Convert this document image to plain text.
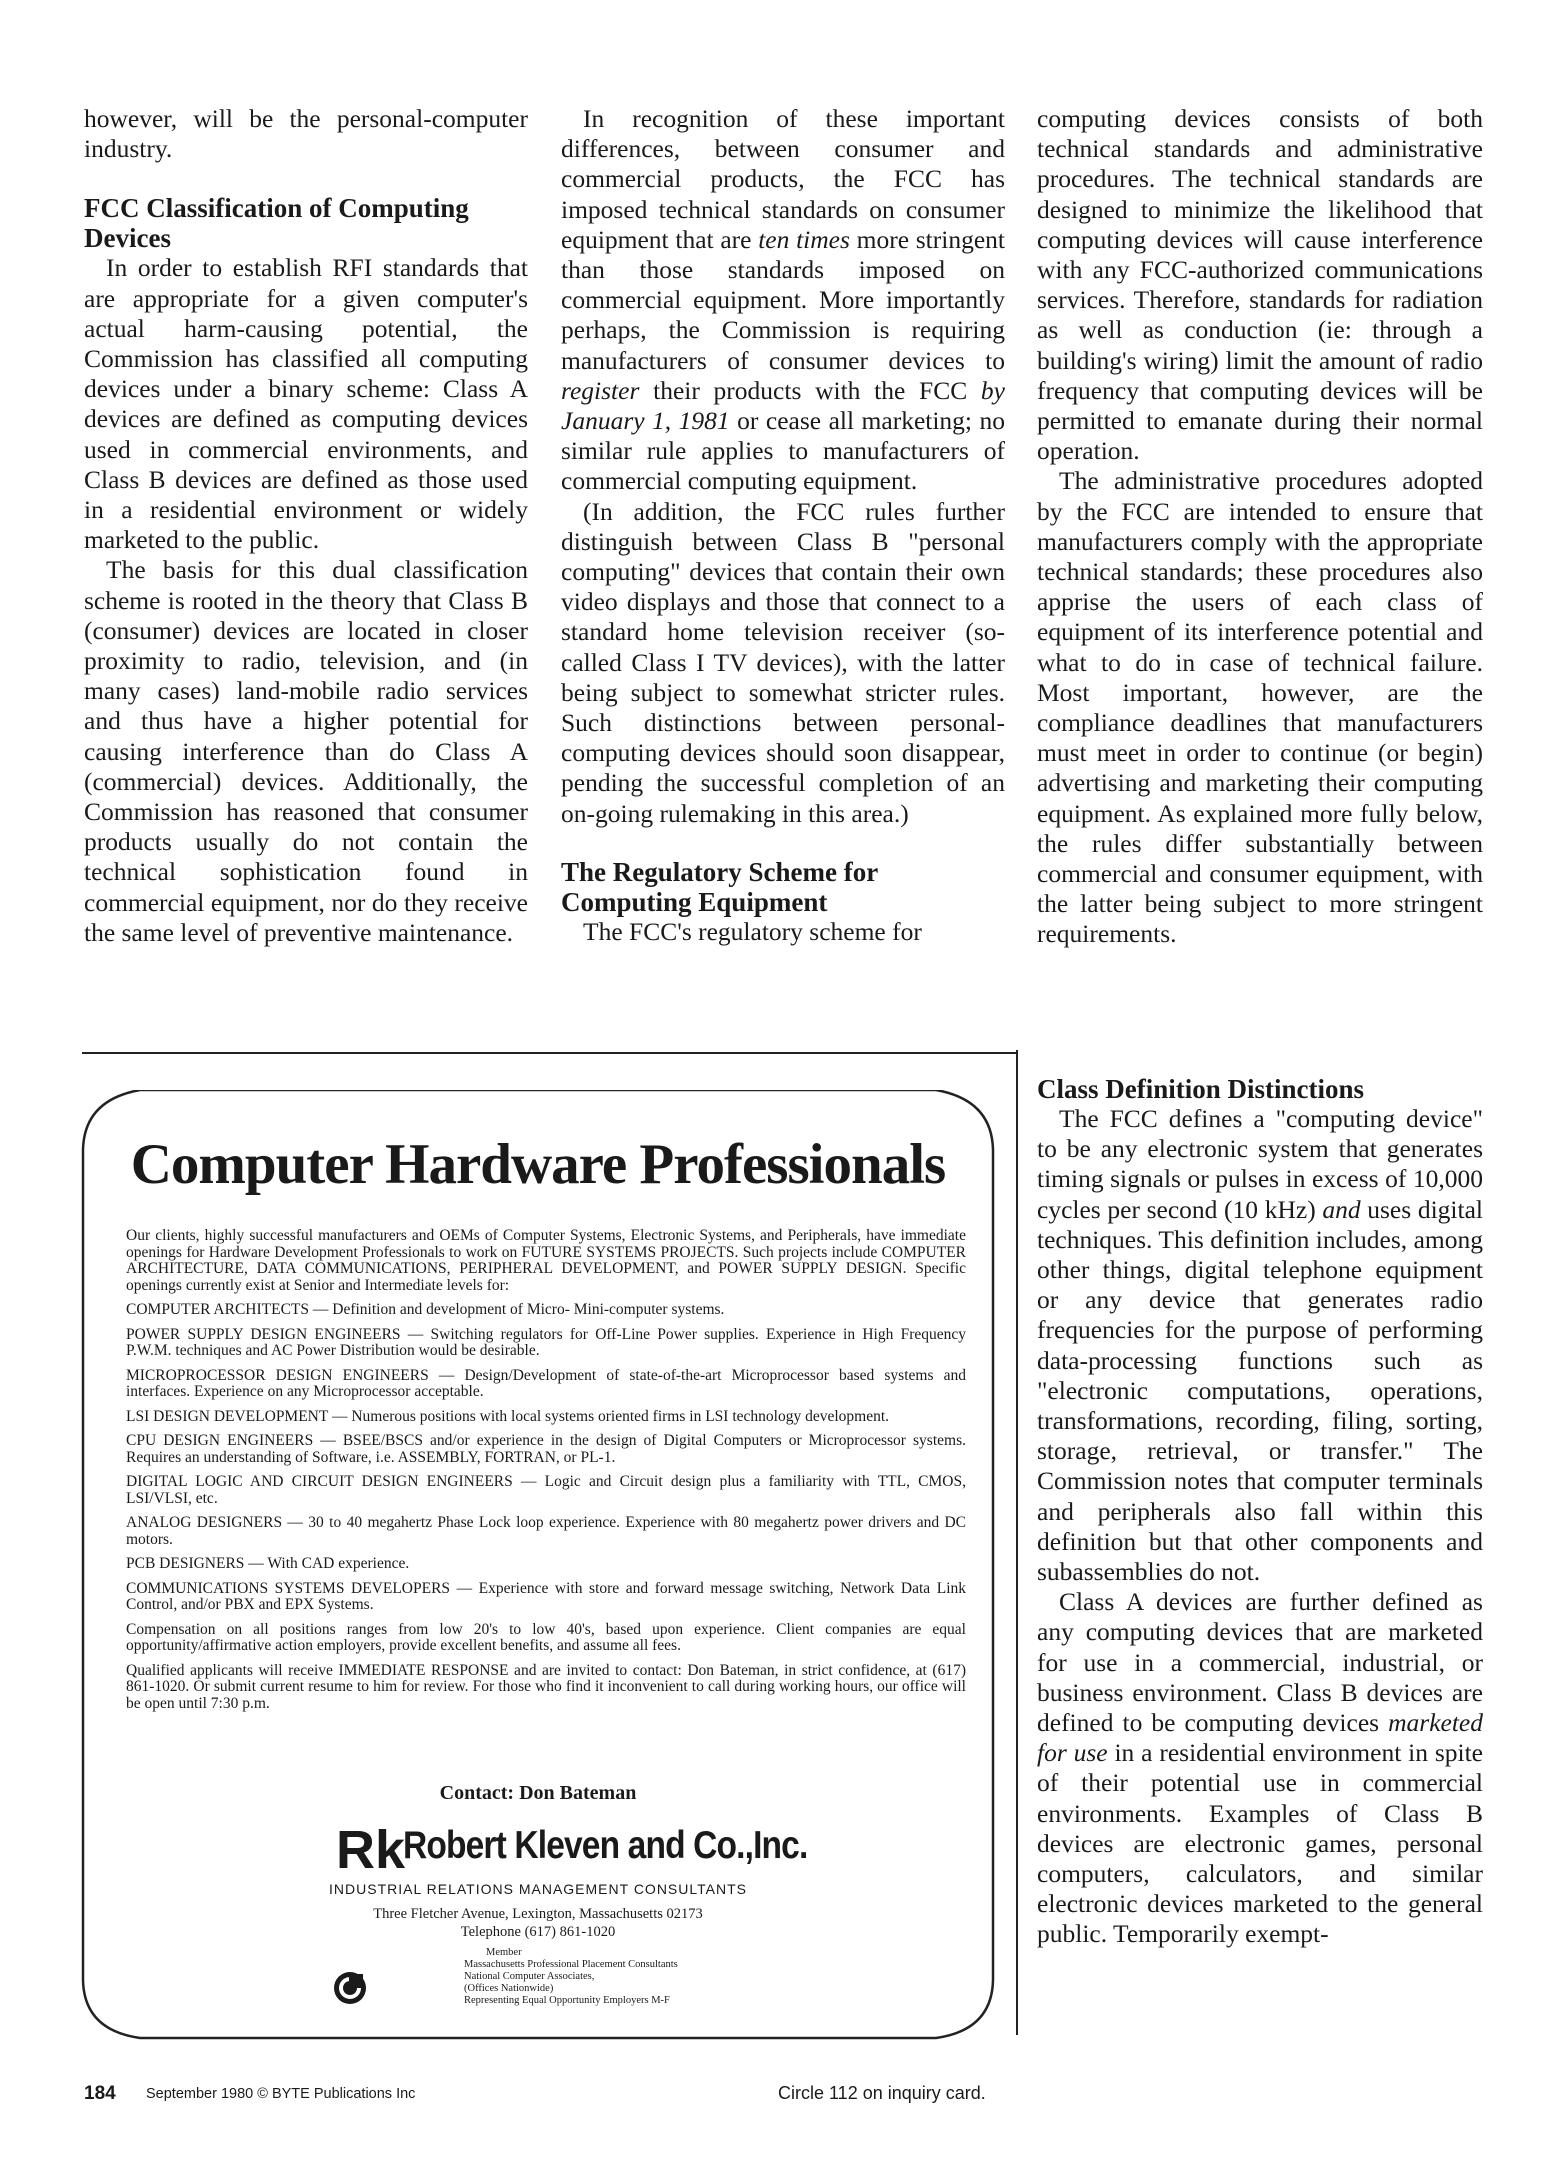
however, will be the personal-computer industry.

FCC Classification of Computing Devices

In order to establish RFI standards that are appropriate for a given computer's actual harm-causing potential, the Commission has classified all computing devices under a binary scheme: Class A devices are defined as computing devices used in commercial environments, and Class B devices are defined as those used in a residential environment or widely marketed to the public.

The basis for this dual classification scheme is rooted in the theory that Class B (consumer) devices are located in closer proximity to radio, television, and (in many cases) land-mobile radio services and thus have a higher potential for causing interference than do Class A (commercial) devices. Additionally, the Commission has reasoned that consumer products usually do not contain the technical sophistication found in commercial equipment, nor do they receive the same level of preventive maintenance.

In recognition of these important differences, between consumer and commercial products, the FCC has imposed technical standards on consumer equipment that are ten times more stringent than those standards imposed on commercial equipment. More importantly perhaps, the Commission is requiring manufacturers of consumer devices to register their products with the FCC by January 1, 1981 or cease all marketing; no similar rule applies to manufacturers of commercial computing equipment.

(In addition, the FCC rules further distinguish between Class B "personal computing" devices that contain their own video displays and those that connect to a standard home television receiver (so-called Class I TV devices), with the latter being subject to somewhat stricter rules. Such distinctions between personal-computing devices should soon disappear, pending the successful completion of an on-going rulemaking in this area.)

The Regulatory Scheme for Computing Equipment

The FCC's regulatory scheme for

computing devices consists of both technical standards and administrative procedures. The technical standards are designed to minimize the likelihood that computing devices will cause interference with any FCC-authorized communications services. Therefore, standards for radiation as well as conduction (ie: through a building's wiring) limit the amount of radio frequency that computing devices will be permitted to emanate during their normal operation.

The administrative procedures adopted by the FCC are intended to ensure that manufacturers comply with the appropriate technical standards; these procedures also apprise the users of each class of equipment of its interference potential and what to do in case of technical failure. Most important, however, are the compliance deadlines that manufacturers must meet in order to continue (or begin) advertising and marketing their computing equipment. As explained more fully below, the rules differ substantially between commercial and consumer equipment, with the latter being subject to more stringent requirements.

Class Definition Distinctions

The FCC defines a "computing device" to be any electronic system that generates timing signals or pulses in excess of 10,000 cycles per second (10 kHz) and uses digital techniques. This definition includes, among other things, digital telephone equipment or any device that generates radio frequencies for the purpose of performing data-processing functions such as "electronic computations, operations, transformations, recording, filing, sorting, storage, retrieval, or transfer." The Commission notes that computer terminals and peripherals also fall within this definition but that other components and subassemblies do not.

Class A devices are further defined as any computing devices that are marketed for use in a commercial, industrial, or business environment. Class B devices are defined to be computing devices marketed for use in a residential environment in spite of their potential use in commercial environments. Examples of Class B devices are electronic games, personal computers, calculators, and similar electronic devices marketed to the general public. Temporarily exempt-

Computer Hardware Professionals

Our clients, highly successful manufacturers and OEMs of Computer Systems, Electronic Systems, and Peripherals, have immediate openings for Hardware Development Professionals to work on FUTURE SYSTEMS PROJECTS. Such projects include COMPUTER ARCHITECTURE, DATA COMMUNICATIONS, PERIPHERAL DEVELOPMENT, and POWER SUPPLY DESIGN. Specific openings currently exist at Senior and Intermediate levels for:

COMPUTER ARCHITECTS — Definition and development of Micro- Mini-computer systems.

POWER SUPPLY DESIGN ENGINEERS — Switching regulators for Off-Line Power supplies. Experience in High Frequency P.W.M. techniques and AC Power Distribution would be desirable.

MICROPROCESSOR DESIGN ENGINEERS — Design/Development of state-of-the-art Microprocessor based systems and interfaces. Experience on any Microprocessor acceptable.

LSI DESIGN DEVELOPMENT — Numerous positions with local systems oriented firms in LSI technology development.

CPU DESIGN ENGINEERS — BSEE/BSCS and/or experience in the design of Digital Computers or Microprocessor systems. Requires an understanding of Software, i.e. ASSEMBLY, FORTRAN, or PL-1.

DIGITAL LOGIC AND CIRCUIT DESIGN ENGINEERS — Logic and Circuit design plus a familiarity with TTL, CMOS, LSI/VLSI, etc.

ANALOG DESIGNERS — 30 to 40 megahertz Phase Lock loop experience. Experience with 80 megahertz power drivers and DC motors.

PCB DESIGNERS — With CAD experience.

COMMUNICATIONS SYSTEMS DEVELOPERS — Experience with store and forward message switching, Network Data Link Control, and/or PBX and EPX Systems.

Compensation on all positions ranges from low 20's to low 40's, based upon experience. Client companies are equal opportunity/affirmative action employers, provide excellent benefits, and assume all fees.

Qualified applicants will receive IMMEDIATE RESPONSE and are invited to contact: Don Bateman, in strict confidence, at (617) 861-1020. Or submit current resume to him for review. For those who find it inconvenient to call during working hours, our office will be open until 7:30 p.m.

Contact: Don Bateman
Rk
Robert Kleven and Co.,Inc.
INDUSTRIAL RELATIONS MANAGEMENT CONSULTANTS
Three Fletcher Avenue, Lexington, Massachusetts 02173
Telephone (617) 861-1020
Member
Massachusetts Professional Placement Consultants
National Computer Associates,
(Offices Nationwide)
Representing Equal Opportunity Employers M-F
184 September 1980 © BYTE Publications Inc	Circle 112 on inquiry card.
